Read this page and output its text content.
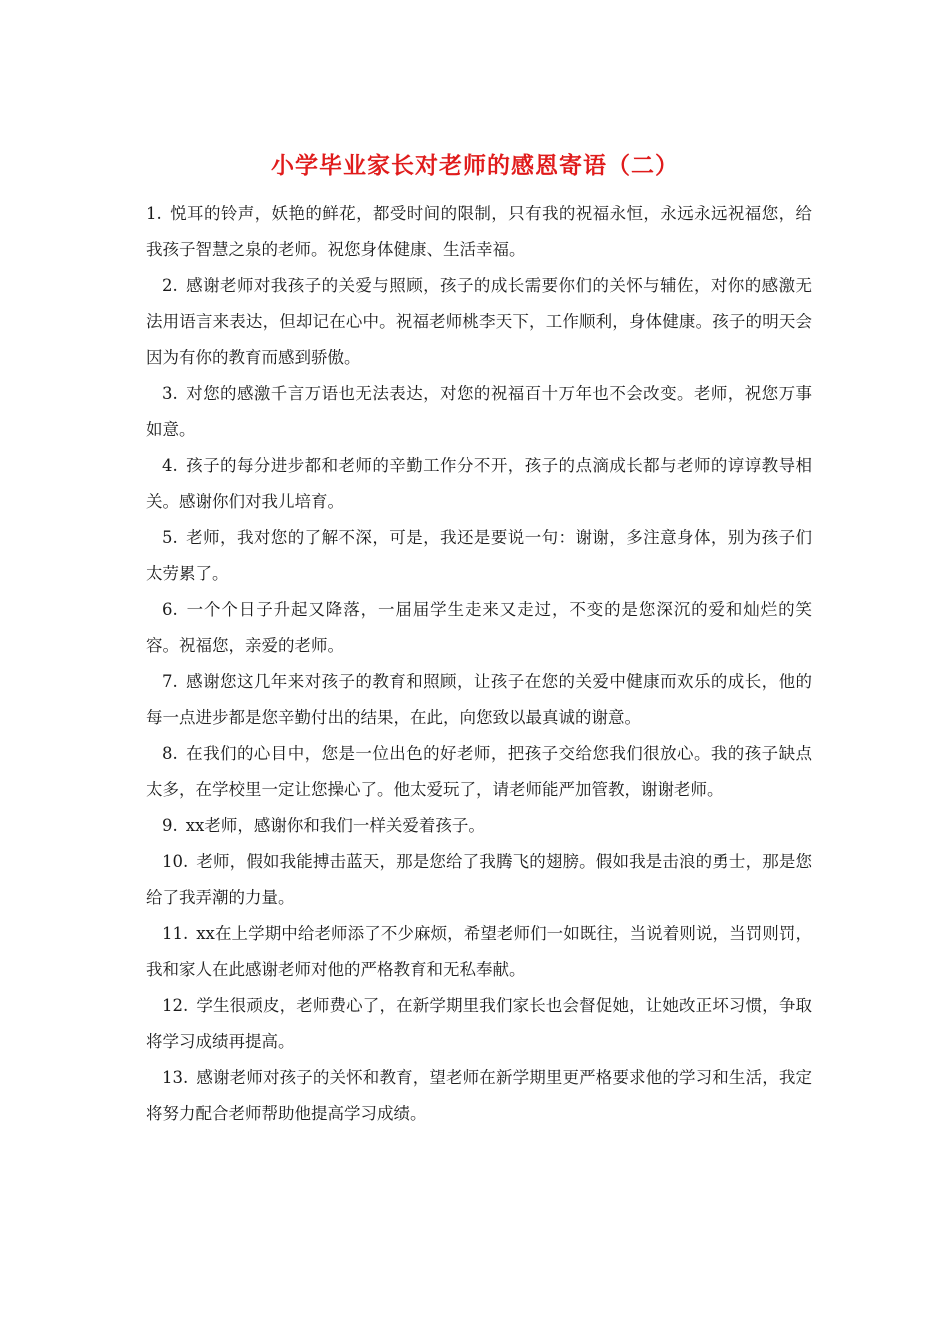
小学毕业家长对老师的感恩寄语（二）

1. 悦耳的铃声，妖艳的鲜花，都受时间的限制，只有我的祝福永恒，永远永远祝福您，给我孩子智慧之泉的老师。祝您身体健康、生活幸福。

2. 感谢老师对我孩子的关爱与照顾，孩子的成长需要你们的关怀与辅佐，对你的感激无法用语言来表达，但却记在心中。祝福老师桃李天下，工作顺利，身体健康。孩子的明天会因为有你的教育而感到骄傲。

3. 对您的感激千言万语也无法表达，对您的祝福百十万年也不会改变。老师，祝您万事如意。

4. 孩子的每分进步都和老师的辛勤工作分不开，孩子的点滴成长都与老师的谆谆教导相关。感谢你们对我儿培育。

5. 老师，我对您的了解不深，可是，我还是要说一句：谢谢，多注意身体，别为孩子们太劳累了。

6. 一个个日子升起又降落，一届届学生走来又走过，不变的是您深沉的爱和灿烂的笑容。祝福您，亲爱的老师。

7. 感谢您这几年来对孩子的教育和照顾，让孩子在您的关爱中健康而欢乐的成长，他的每一点进步都是您辛勤付出的结果，在此，向您致以最真诚的谢意。

8. 在我们的心目中，您是一位出色的好老师，把孩子交给您我们很放心。我的孩子缺点太多，在学校里一定让您操心了。他太爱玩了，请老师能严加管教，谢谢老师。

9. xx老师，感谢你和我们一样关爱着孩子。

10. 老师，假如我能搏击蓝天，那是您给了我腾飞的翅膀。假如我是击浪的勇士，那是您给了我弄潮的力量。

11. xx在上学期中给老师添了不少麻烦，希望老师们一如既往，当说着则说，当罚则罚，我和家人在此感谢老师对他的严格教育和无私奉献。

12. 学生很顽皮，老师费心了，在新学期里我们家长也会督促她，让她改正坏习惯，争取将学习成绩再提高。

13. 感谢老师对孩子的关怀和教育，望老师在新学期里更严格要求他的学习和生活，我定将努力配合老师帮助他提高学习成绩。
